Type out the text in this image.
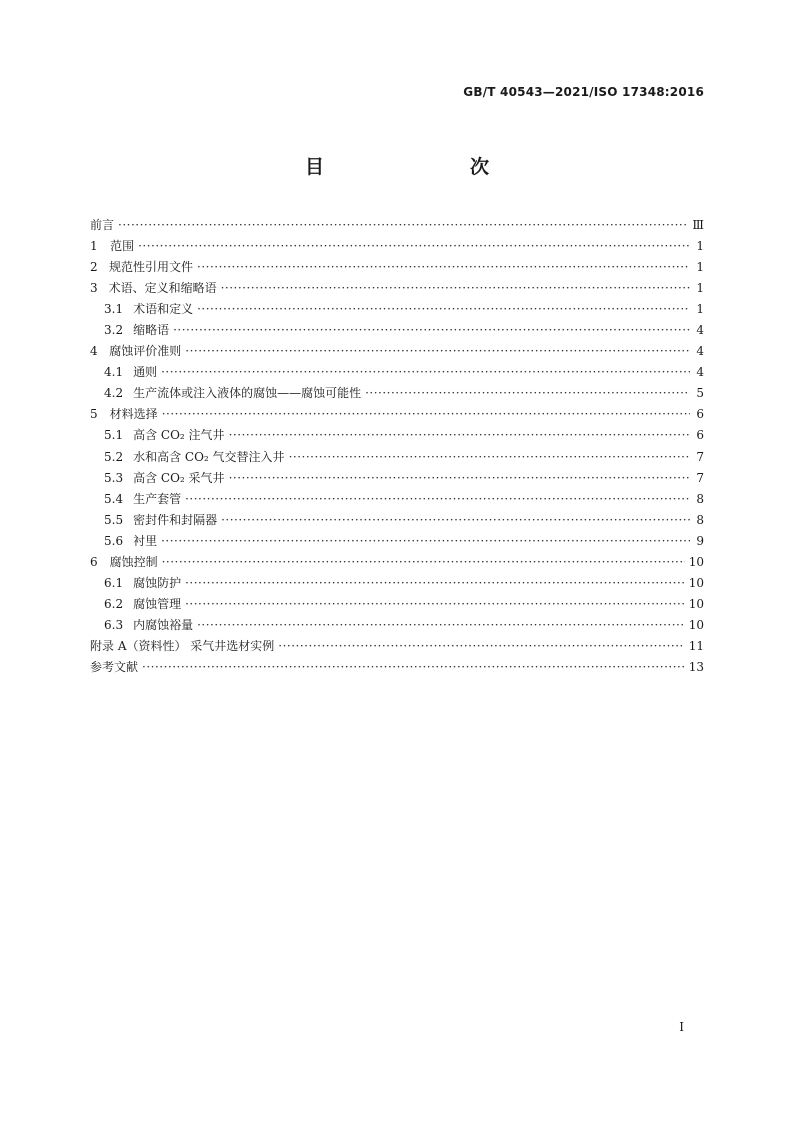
GB/T 40543—2021/ISO 17348:2016
目　　次
前言 ·····	Ⅲ
1 范围 ·····	1
2 规范性引用文件 ·····	1
3 术语、定义和缩略语 ·····	1
3.1 术语和定义 ·····	1
3.2 缩略语 ·····	4
4 腐蚀评价准则 ·····	4
4.1 通则 ·····	4
4.2 生产流体或注入液体的腐蚀——腐蚀可能性 ·····	5
5 材料选择 ·····	6
5.1 高含 CO₂ 注气井 ·····	6
5.2 水和高含 CO₂ 气交替注入井 ·····	7
5.3 高含 CO₂ 采气井 ·····	7
5.4 生产套管 ·····	8
5.5 密封件和封隔器 ·····	8
5.6 衬里 ·····	9
6 腐蚀控制 ·····	10
6.1 腐蚀防护 ·····	10
6.2 腐蚀管理 ·····	10
6.3 内腐蚀裕量 ·····	10
附录 A（资料性） 采气井选材实例 ·····	11
参考文献 ·····	13
Ⅰ
